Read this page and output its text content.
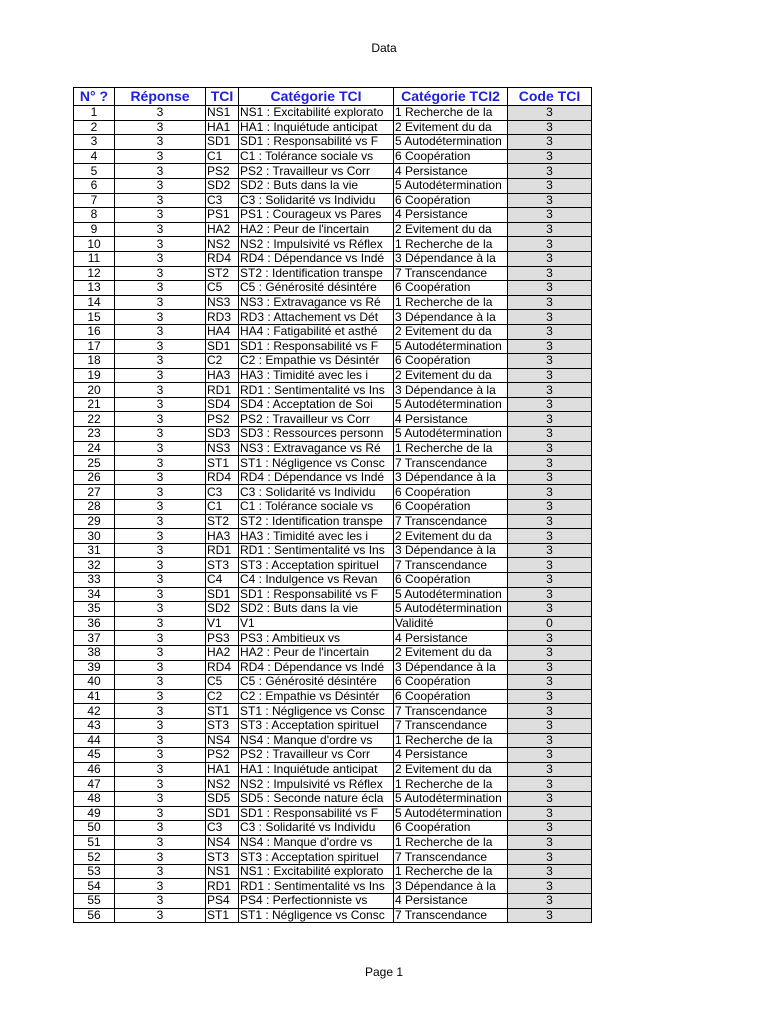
Data
N° ?	Réponse	TCI	Catégorie TCI	Catégorie TCI2	Code TCI
1	3	NS1	NS1 : Excitabilité explorato	1 Recherche de la	3
2	3	HA1	HA1 : Inquiétude anticipat	2 Evitement du da	3
3	3	SD1	SD1 : Responsabilité vs F	5 Autodétermination	3
4	3	C1	C1 : Tolérance sociale vs	6 Coopération	3
5	3	PS2	PS2 : Travailleur vs Corr	4 Persistance	3
6	3	SD2	SD2 : Buts dans la vie	5 Autodétermination	3
7	3	C3	C3 : Solidarité vs Individu	6 Coopération	3
8	3	PS1	PS1 : Courageux vs Pares	4 Persistance	3
9	3	HA2	HA2 : Peur de l'incertain	2 Evitement du da	3
10	3	NS2	NS2 : Impulsivité vs Réflex	1 Recherche de la	3
11	3	RD4	RD4 : Dépendance vs Indé	3 Dépendance à la	3
12	3	ST2	ST2 : Identification transpe	7 Transcendance	3
13	3	C5	C5 : Générosité désintére	6 Coopération	3
14	3	NS3	NS3 : Extravagance vs Ré	1 Recherche de la	3
15	3	RD3	RD3 : Attachement vs Dét	3 Dépendance à la	3
16	3	HA4	HA4 : Fatigabilité et asthé	2 Evitement du da	3
17	3	SD1	SD1 : Responsabilité vs F	5 Autodétermination	3
18	3	C2	C2 : Empathie vs Désintér	6 Coopération	3
19	3	HA3	HA3 : Timidité avec les i	2 Evitement du da	3
20	3	RD1	RD1 : Sentimentalité vs Ins	3 Dépendance à la	3
21	3	SD4	SD4 : Acceptation de Soi	5 Autodétermination	3
22	3	PS2	PS2 : Travailleur vs Corr	4 Persistance	3
23	3	SD3	SD3 : Ressources personn	5 Autodétermination	3
24	3	NS3	NS3 : Extravagance vs Ré	1 Recherche de la	3
25	3	ST1	ST1 : Négligence vs Consc	7 Transcendance	3
26	3	RD4	RD4 : Dépendance vs Indé	3 Dépendance à la	3
27	3	C3	C3 : Solidarité vs Individu	6 Coopération	3
28	3	C1	C1 : Tolérance sociale vs	6 Coopération	3
29	3	ST2	ST2 : Identification transpe	7 Transcendance	3
30	3	HA3	HA3 : Timidité avec les i	2 Evitement du da	3
31	3	RD1	RD1 : Sentimentalité vs Ins	3 Dépendance à la	3
32	3	ST3	ST3 : Acceptation spirituel	7 Transcendance	3
33	3	C4	C4 : Indulgence vs Revan	6 Coopération	3
34	3	SD1	SD1 : Responsabilité vs F	5 Autodétermination	3
35	3	SD2	SD2 : Buts dans la vie	5 Autodétermination	3
36	3	V1	V1	Validité	0
37	3	PS3	PS3 : Ambitieux vs	4 Persistance	3
38	3	HA2	HA2 : Peur de l'incertain	2 Evitement du da	3
39	3	RD4	RD4 : Dépendance vs Indé	3 Dépendance à la	3
40	3	C5	C5 : Générosité désintére	6 Coopération	3
41	3	C2	C2 : Empathie vs Désintér	6 Coopération	3
42	3	ST1	ST1 : Négligence vs Consc	7 Transcendance	3
43	3	ST3	ST3 : Acceptation spirituel	7 Transcendance	3
44	3	NS4	NS4 : Manque d'ordre vs	1 Recherche de la	3
45	3	PS2	PS2 : Travailleur vs Corr	4 Persistance	3
46	3	HA1	HA1 : Inquiétude anticipat	2 Evitement du da	3
47	3	NS2	NS2 : Impulsivité vs Réflex	1 Recherche de la	3
48	3	SD5	SD5 : Seconde nature écla	5 Autodétermination	3
49	3	SD1	SD1 : Responsabilité vs F	5 Autodétermination	3
50	3	C3	C3 : Solidarité vs Individu	6 Coopération	3
51	3	NS4	NS4 : Manque d'ordre vs	1 Recherche de la	3
52	3	ST3	ST3 : Acceptation spirituel	7 Transcendance	3
53	3	NS1	NS1 : Excitabilité explorato	1 Recherche de la	3
54	3	RD1	RD1 : Sentimentalité vs Ins	3 Dépendance à la	3
55	3	PS4	PS4 : Perfectionniste vs	4 Persistance	3
56	3	ST1	ST1 : Négligence vs Consc	7 Transcendance	3
Page 1
